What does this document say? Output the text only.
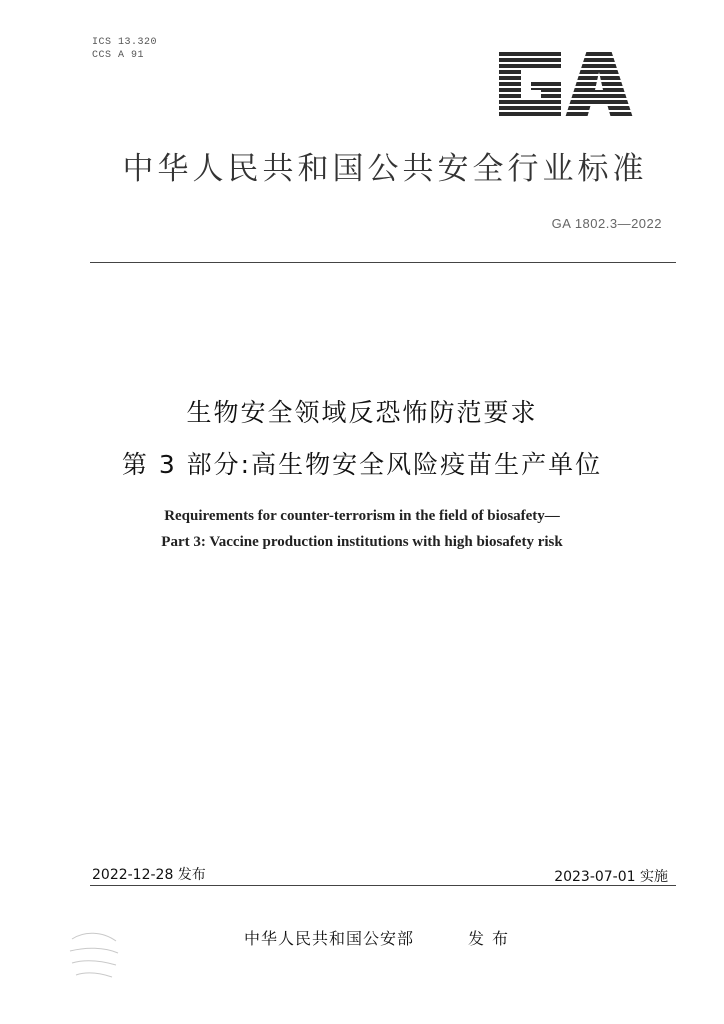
ICS 13.320
CCS A 91
中华人民共和国公共安全行业标准
GA 1802.3—2022
生物安全领域反恐怖防范要求
第 3 部分:高生物安全风险疫苗生产单位
Requirements for counter-terrorism in the field of biosafety—
Part 3: Vaccine production institutions with high biosafety risk
2022-12-28 发布	2023-07-01 实施
中华人民共和国公安部	发布
